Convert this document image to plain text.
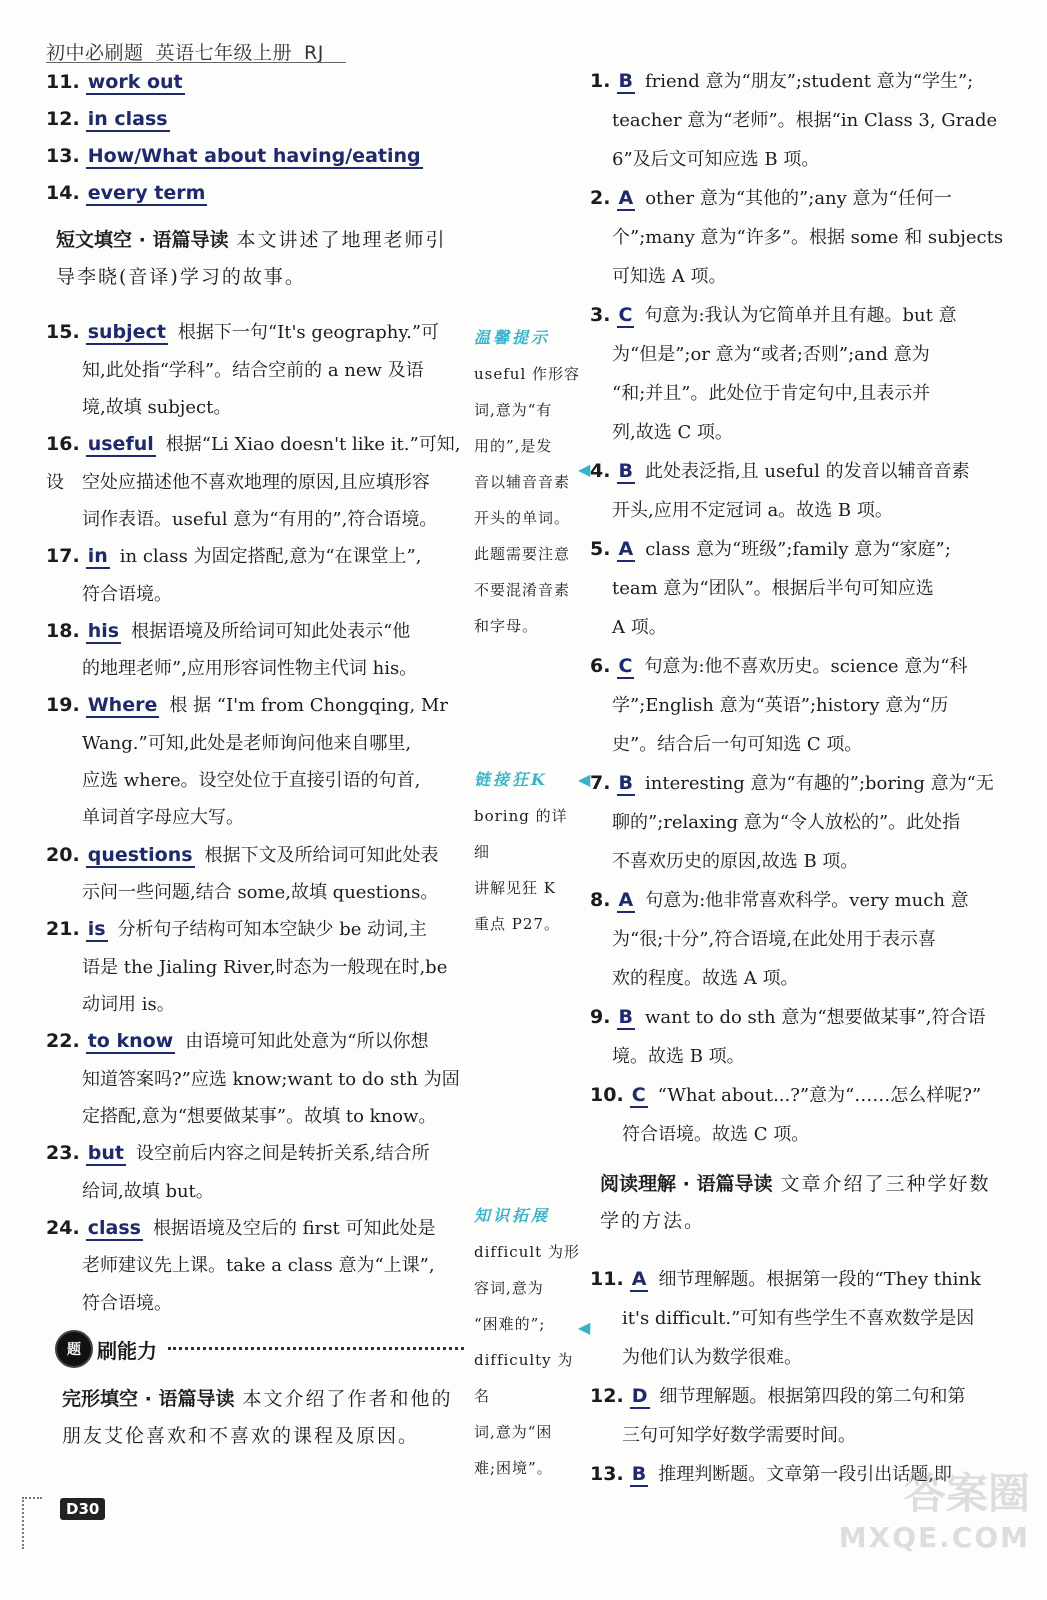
初中必刷题 英语七年级上册 RJ
11. work out
12. in class
13. How/What about having/eating
14. every term
短文填空 · 语篇导读 本文讲述了地理老师引
导李晓(音译)学习的故事。
15. subject 根据下一句“It's geography.”可
知,此处指“学科”。结合空前的 a new 及语
境,故填 subject。
16. useful 根据“Li Xiao doesn't like it.”可知,设	空处应描述他不喜欢地理的原因,且应填形容
词作表语。useful 意为“有用的”,符合语境。
17. in in class 为固定搭配,意为“在课堂上”,
符合语境。
18. his 根据语境及所给词可知此处表示“他
的地理老师”,应用形容词性物主代词 his。
19. Where 根 据 “I'm from Chongqing, Mr
Wang.”可知,此处是老师询问他来自哪里,
应选 where。设空处位于直接引语的句首,
单词首字母应大写。
20. questions 根据下文及所给词可知此处表
示问一些问题,结合 some,故填 questions。
21. is 分析句子结构可知本空缺少 be 动词,主
语是 the Jialing River,时态为一般现在时,be
动词用 is。
22. to know 由语境可知此处意为“所以你想
知道答案吗?”应选 know;want to do sth 为固
定搭配,意为“想要做某事”。故填 to know。
23. but 设空前后内容之间是转折关系,结合所
给词,故填 but。
24. class 根据语境及空后的 first 可知此处是
老师建议先上课。take a class 意为“上课”,
符合语境。
题 刷能力
完形填空 · 语篇导读 本文介绍了作者和他的
朋友艾伦喜欢和不喜欢的课程及原因。
温馨提示
useful 作形容
词,意为“有
用的”,是发
音以辅音音素
开头的单词。
此题需要注意
不要混淆音素
和字母。
链接狂K
boring 的详细
讲解见狂 K
重点 P27。
知识拓展
difficult 为形
容词,意为
“困难的”;
difficulty 为名
词,意为“困
难;困境”。
◀
◀
◀
1. B friend 意为“朋友”;student 意为“学生”;
teacher 意为“老师”。根据“in Class 3, Grade
6”及后文可知应选 B 项。
2. A other 意为“其他的”;any 意为“任何一
个”;many 意为“许多”。根据 some 和 subjects
可知选 A 项。
3. C 句意为:我认为它简单并且有趣。but 意
为“但是”;or 意为“或者;否则”;and 意为
“和;并且”。此处位于肯定句中,且表示并
列,故选 C 项。
4. B 此处表泛指,且 useful 的发音以辅音音素
开头,应用不定冠词 a。故选 B 项。
5. A class 意为“班级”;family 意为“家庭”;
team 意为“团队”。根据后半句可知应选
A 项。
6. C 句意为:他不喜欢历史。science 意为“科
学”;English 意为“英语”;history 意为“历
史”。结合后一句可知选 C 项。
7. B interesting 意为“有趣的”;boring 意为“无
聊的”;relaxing 意为“令人放松的”。此处指
不喜欢历史的原因,故选 B 项。
8. A 句意为:他非常喜欢科学。very much 意
为“很;十分”,符合语境,在此处用于表示喜
欢的程度。故选 A 项。
9. B want to do sth 意为“想要做某事”,符合语
境。故选 B 项。
10. C “What about...?”意为“……怎么样呢?”
符合语境。故选 C 项。
阅读理解 · 语篇导读 文章介绍了三种学好数
学的方法。
11. A 细节理解题。根据第一段的“They think
it's difficult.”可知有些学生不喜欢数学是因
为他们认为数学很难。
12. D 细节理解题。根据第四段的第二句和第
三句可知学好数学需要时间。
13. B 推理判断题。文章第一段引出话题,即
D30	答案圈
MXQE.COM
